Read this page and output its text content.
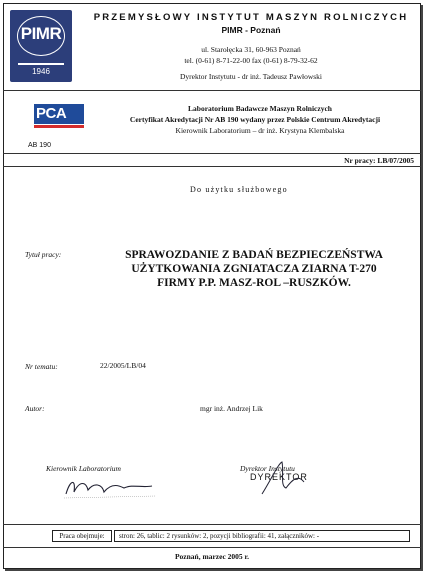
PIMR
1946
PRZEMYSŁOWY INSTYTUT MASZYN ROLNICZYCH
PIMR - Poznań
ul. Starołęcka 31, 60-963 Poznań
tel. (0-61) 8-71-22-00 fax (0-61) 8-79-32-62
Dyrektor Instytutu - dr inż. Tadeusz Pawłowski
PCA
AB 190
Laboratorium Badawcze Maszyn Rolniczych
Certyfikat Akredytacji Nr AB 190 wydany przez Polskie Centrum Akredytacji
Kierownik Laboratorium – dr inż. Krystyna Klembalska
Nr pracy: LB/07/2005
Do użytku służbowego
Tytuł pracy:	SPRAWOZDANIE Z BADAŃ BEZPIECZEŃSTWA
UŻYTKOWANIA ZGNIATACZA ZIARNA T-270
FIRMY P.P. MASZ-ROL –RUSZKÓW.
Nr tematu:	22/2005/LB/04
Autor:	mgr inż. Andrzej Lik
Kierownik Laboratorium	Dyrektor Instytutu
DYREKTOR
Praca obejmuje:	stron: 26, tablic: 2 rysunków: 2, pozycji bibliografii: 41, załączników: -
Poznań, marzec 2005 r.
